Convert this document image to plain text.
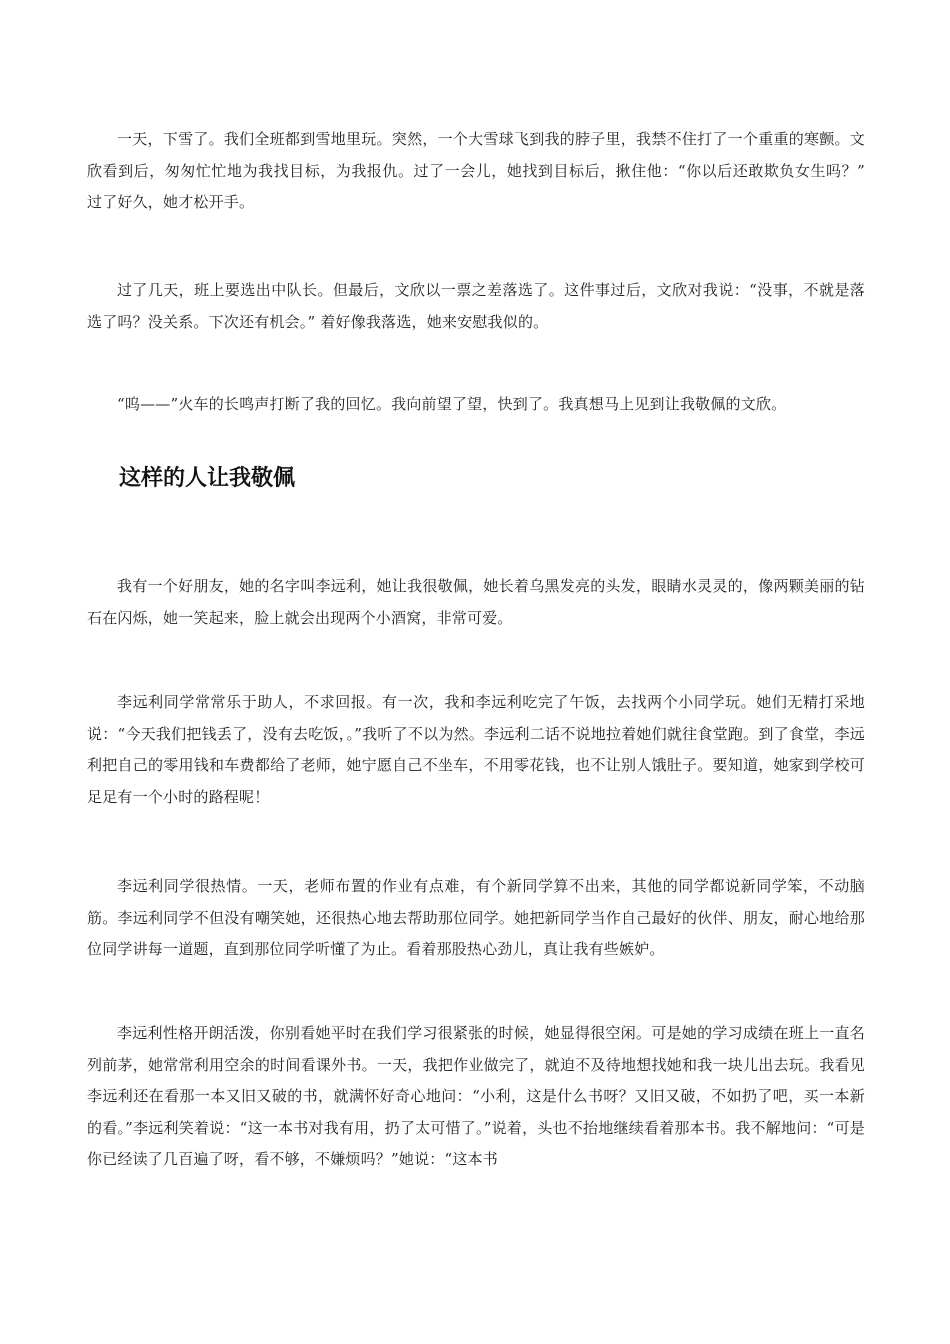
一天，下雪了。我们全班都到雪地里玩。突然，一个大雪球飞到我的脖子里，我禁不住打了一个重重的寒颤。文欣看到后，匆匆忙忙地为我找目标，为我报仇。过了一会儿，她找到目标后，揪住他：“你以后还敢欺负女生吗？” 过了好久，她才松开手。

过了几天，班上要选出中队长。但最后，文欣以一票之差落选了。这件事过后，文欣对我说：“没事，不就是落选了吗？没关系。下次还有机会。” 着好像我落选，她来安慰我似的。

“呜——”火车的长鸣声打断了我的回忆。我向前望了望，快到了。我真想马上见到让我敬佩的文欣。

这样的人让我敬佩

我有一个好朋友，她的名字叫李远利，她让我很敬佩，她长着乌黑发亮的头发，眼睛水灵灵的，像两颗美丽的钻石在闪烁，她一笑起来，脸上就会出现两个小酒窝，非常可爱。

李远利同学常常乐于助人，不求回报。有一次，我和李远利吃完了午饭，去找两个小同学玩。她们无精打采地说：“今天我们把钱丢了，没有去吃饭，。”我听了不以为然。李远利二话不说地拉着她们就往食堂跑。到了食堂，李远利把自己的零用钱和车费都给了老师，她宁愿自己不坐车，不用零花钱，也不让别人饿肚子。要知道，她家到学校可足足有一个小时的路程呢！

李远利同学很热情。一天，老师布置的作业有点难，有个新同学算不出来，其他的同学都说新同学笨，不动脑筋。李远利同学不但没有嘲笑她，还很热心地去帮助那位同学。她把新同学当作自己最好的伙伴、朋友，耐心地给那位同学讲每一道题，直到那位同学听懂了为止。看着那股热心劲儿，真让我有些嫉妒。

李远利性格开朗活泼，你别看她平时在我们学习很紧张的时候，她显得很空闲。可是她的学习成绩在班上一直名列前茅，她常常利用空余的时间看课外书。一天，我把作业做完了，就迫不及待地想找她和我一块儿出去玩。我看见李远利还在看那一本又旧又破的书，就满怀好奇心地问：“小利，这是什么书呀？又旧又破，不如扔了吧，买一本新的看。”李远利笑着说：“这一本书对我有用，扔了太可惜了。”说着，头也不抬地继续看着那本书。我不解地问：“可是你已经读了几百遍了呀，看不够，不嫌烦吗？”她说：“这本书
